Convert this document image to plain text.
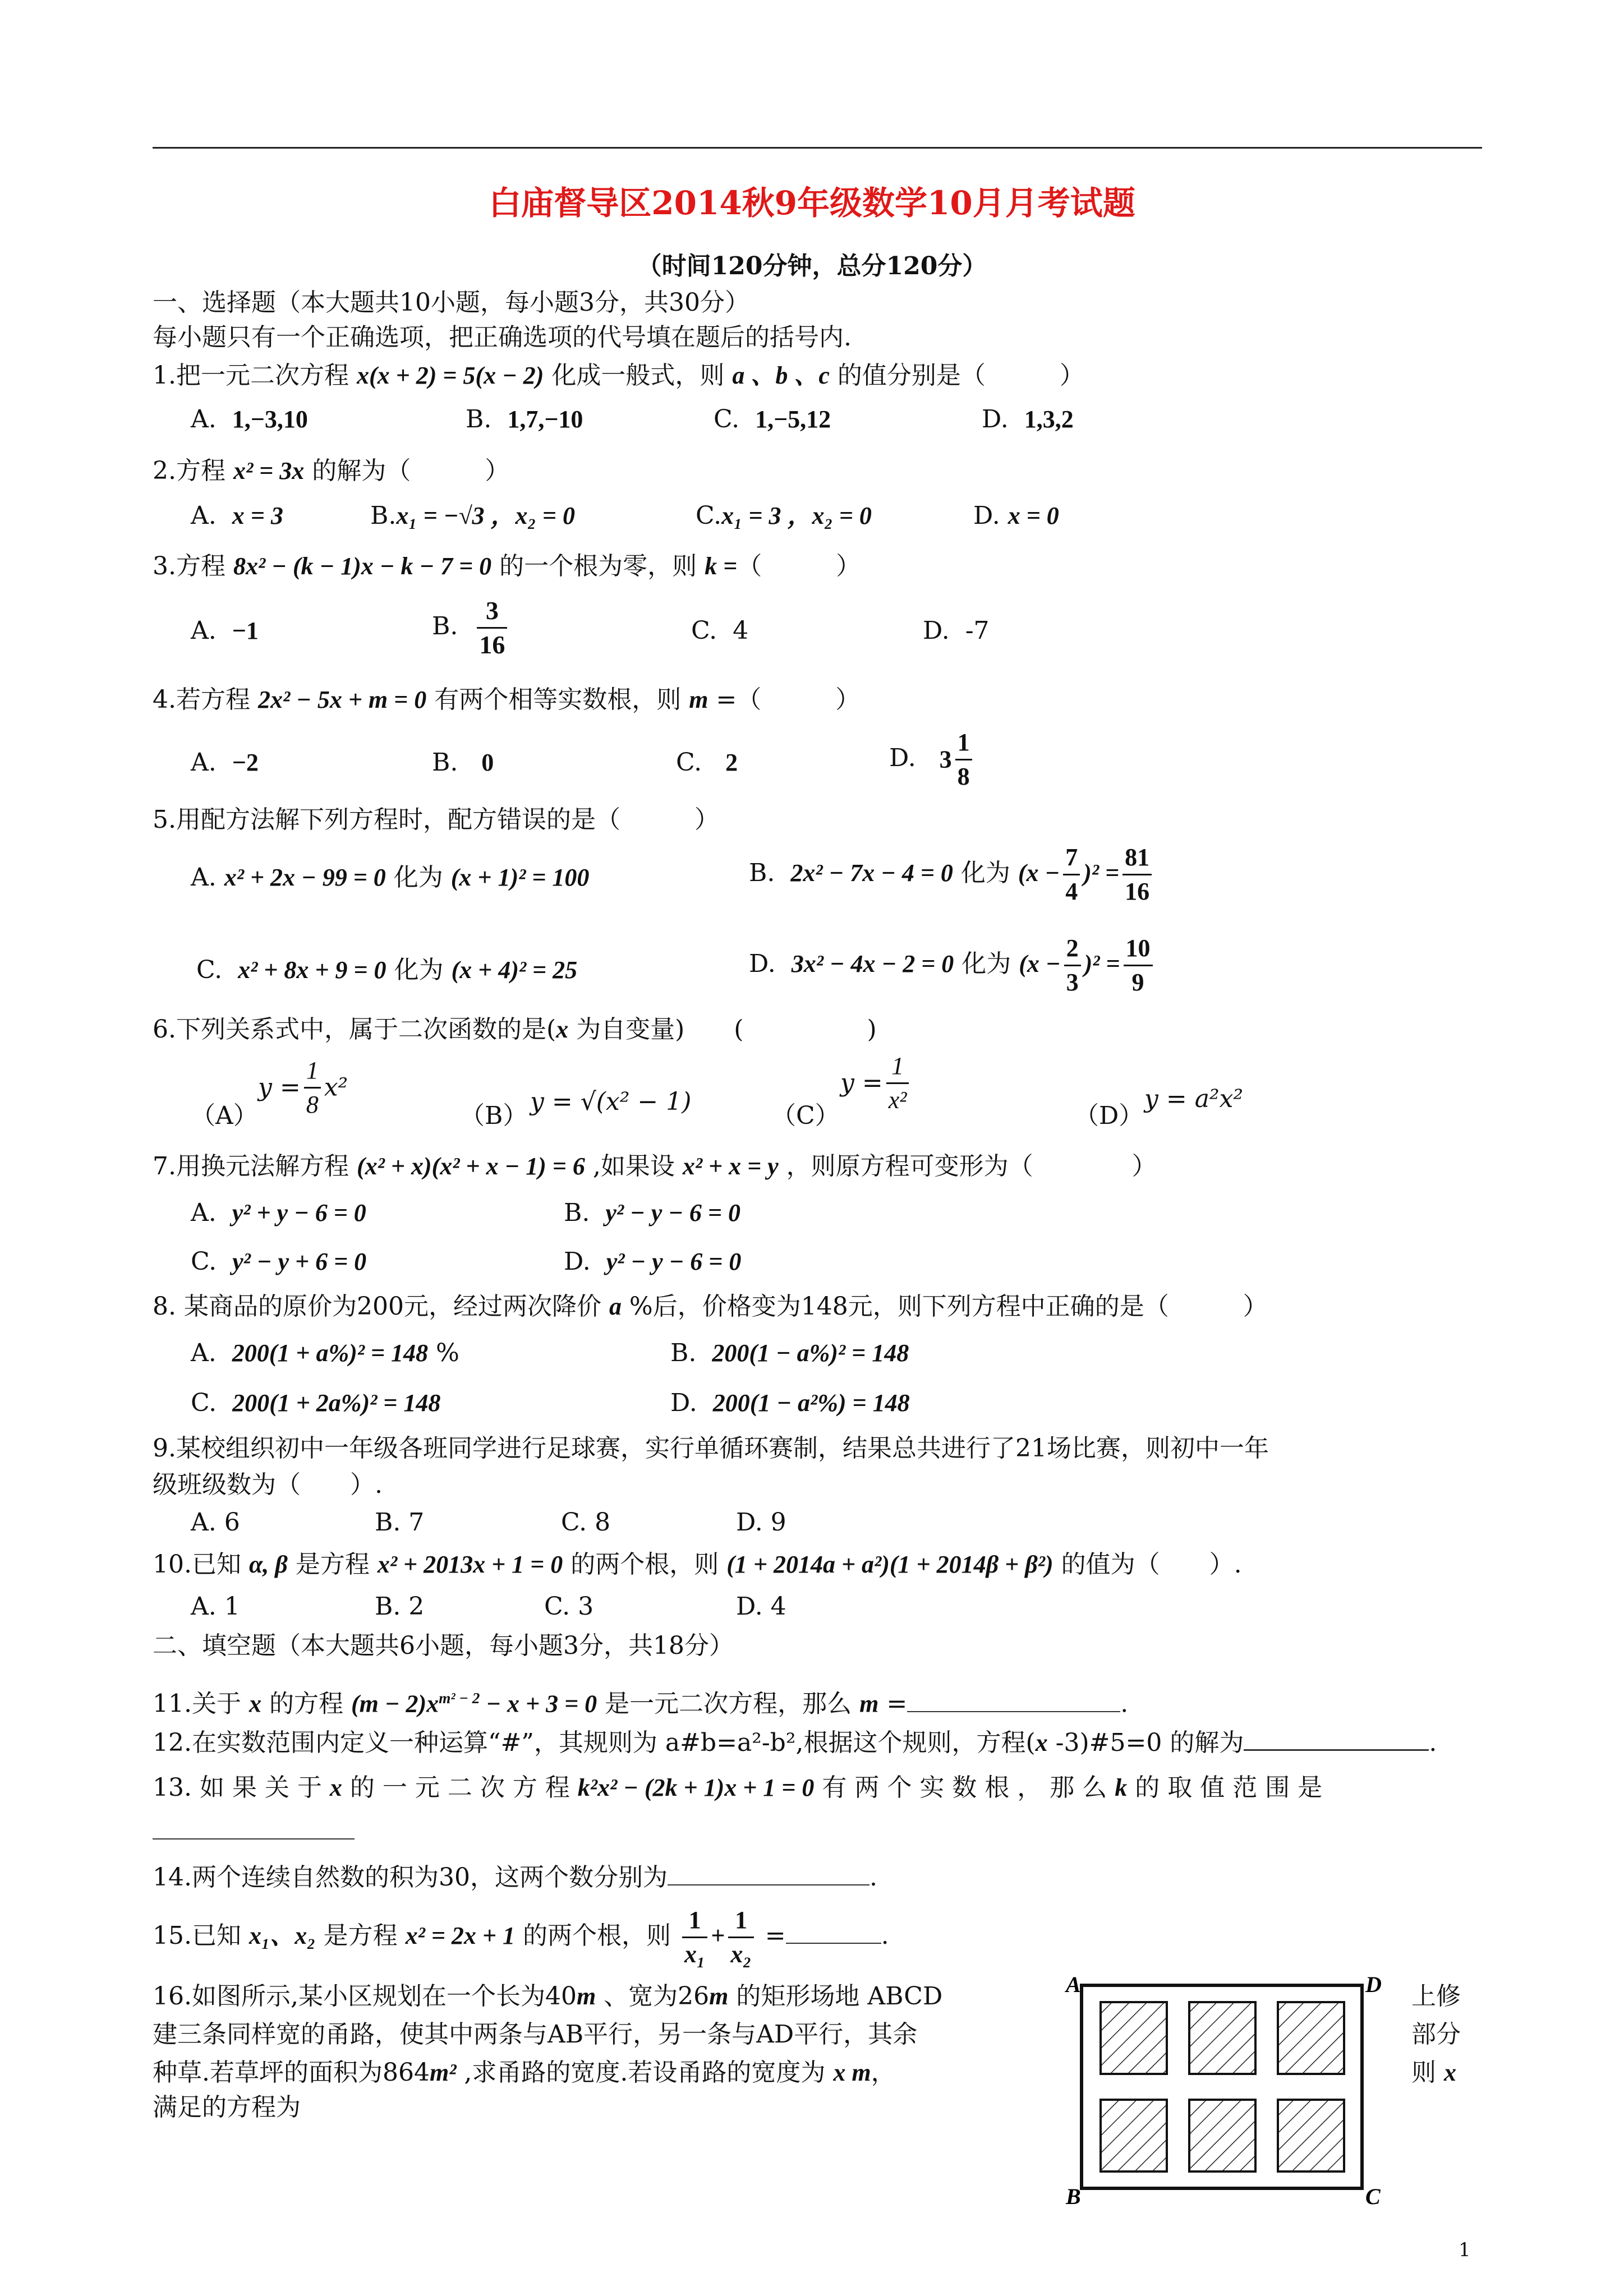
白庙督导区2014秋9年级数学10月月考试题
（时间120分钟，总分120分）
一、选择题（本大题共10小题，每小题3分，共30分）
每小题只有一个正确选项，把正确选项的代号填在题后的括号内.
1.把一元二次方程 x(x + 2) = 5(x − 2) 化成一般式，则 a 、b 、c 的值分别是（　　　）
A. 1,−3,10	B. 1,7,−10	C. 1,−5,12	D. 1,3,2
2.方程 x² = 3x 的解为（　　　）
A. x = 3	B.x₁ = −√3 ，x₂ = 0	C.x₁ = 3 ，x₂ = 0	D. x = 0
3.方程 8x² − (k − 1)x − k − 7 = 0 的一个根为零，则 k =（　　　）
A. −1	B. $\frac{3}{16}$	C. 4	D. -7
4.若方程 2x² − 5x + m = 0 有两个相等实数根，则 m =（　　　）
A. −2	B. 0	C. 2	D. $3 \frac{1}{8}$
5.用配方法解下列方程时，配方错误的是（　　　）
A. x² + 2x − 99 = 0 化为 (x + 1)² = 100	B. 2x² − 7x − 4 = 0 化为 $(x - \frac{7}{4} )^2 = \frac{81}{16}$
C. x² + 8x + 9 = 0 化为 (x + 4)² = 25	D. 3x² − 4x − 2 = 0 化为 $(x - \frac{2}{3} )^2 = \frac{10}{9}$
6.下列关系式中，属于二次函数的是(x 为自变量)　　(　　　　　)
（A）
$y = \frac{1}{8} x^2$
（B） y = √(x² − 1)	（C）
$y = \frac{1}{\text{x²}}$	（D）
y = a²x²
7.用换元法解方程 (x² + x)(x² + x − 1) = 6 ,如果设 x² + x = y ，则原方程可变形为（　　　　）
A. y² + y − 6 = 0	B. y² − y − 6 = 0
C. y² − y + 6 = 0	D. y² − y − 6 = 0
8. 某商品的原价为200元，经过两次降价 a %后，价格变为148元，则下列方程中正确的是（　　　）
A. 200(1 + a%)² = 148 %	B. 200(1 − a%)² = 148
C. 200(1 + 2a%)² = 148	D. 200(1 − a²%) = 148
9.某校组织初中一年级各班同学进行足球赛，实行单循环赛制，结果总共进行了21场比赛，则初中一年
级班级数为（　　）.
A. 6	B. 7	C. 8	D. 9
10.已知 α, β 是方程 x² + 2013x + 1 = 0 的两个根，则 (1 + 2014a + a²)(1 + 2014β + β²) 的值为（　　）.
A. 1	B. 2	C. 3	D. 4
二、填空题（本大题共6小题，每小题3分，共18分）
11.关于 x 的方程 $(m - 2)x^{m^2 - 2} - x + 3 = 0$ 是一元二次方程，那么 m =	.
12.在实数范围内定义一种运算“#”，其规则为 a#b=a²-b²,根据这个规则，方程(x -3)#5=0 的解为	.
13. 如 果 关 于 x 的 一 元 二 次 方 程 k²x² − (2k + 1)x + 1 = 0 有 两 个 实 数 根 ， 那 么 k 的 取 值 范 围 是
14.两个连续自然数的积为30，这两个数分别为	.
15.已知 x₁、x₂ 是方程 x² = 2x + 1 的两个根，则 $\frac{1}{\text{x₁}} + \frac{1}{\text{x₂}}$ =	.
16.如图所示,某小区规划在一个长为40m 、宽为26m 的矩形场地 ABCD
建三条同样宽的甬路，使其中两条与AB平行，另一条与AD平行，其余
种草.若草坪的面积为864m² ,求甬路的宽度.若设甬路的宽度为 x m，
满足的方程为
上修
部分
则 x
A	D
B	C
1
